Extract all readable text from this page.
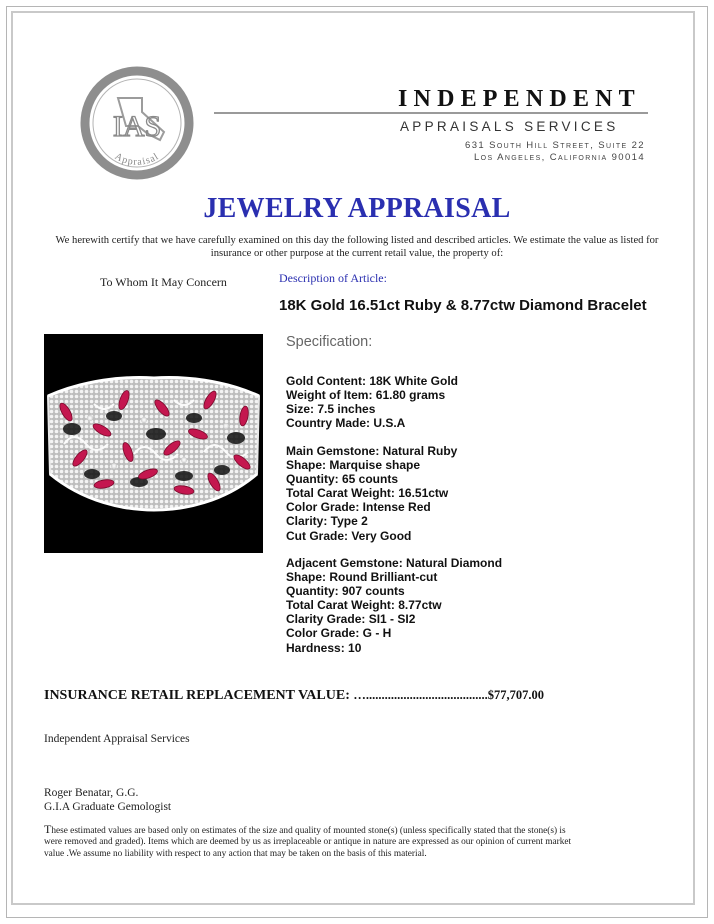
IAS
Appraisal
INDEPENDENT
APPRAISALS SERVICES
631 South Hill Street, Suite 22
Los Angeles, California 90014
JEWELRY APPRAISAL
We herewith certify that we have carefully examined on this day the following listed and described articles. We estimate the value as listed for insurance or other purpose at the current retail value, the property of:
To Whom It May Concern	Description of Article:
18K Gold 16.51ct Ruby & 8.77ctw Diamond Bracelet
Specification:
Gold Content: 18K White Gold
Weight of Item: 61.80 grams
Size: 7.5 inches
Country Made: U.S.A
Main Gemstone: Natural Ruby
Shape: Marquise shape
Quantity: 65 counts
Total Carat Weight: 16.51ctw
Color Grade: Intense Red
Clarity: Type 2
Cut Grade: Very Good
Adjacent Gemstone: Natural Diamond
Shape: Round Brilliant-cut
Quantity: 907 counts
Total Carat Weight: 8.77ctw
Clarity Grade: SI1 - SI2
Color Grade: G - H
Hardness: 10
INSURANCE RETAIL REPLACEMENT VALUE: ….......................................$77,707.00
Independent Appraisal Services
Roger Benatar, G.G.
G.I.A Graduate Gemologist
These estimated values are based only on estimates of the size and quality of mounted stone(s) (unless specifically stated that the stone(s) is were removed and graded). Items which are deemed by us as irreplaceable or antique in nature are expressed as our opinion of current market value .We assume no liability with respect to any action that may be taken on the basis of this material.
